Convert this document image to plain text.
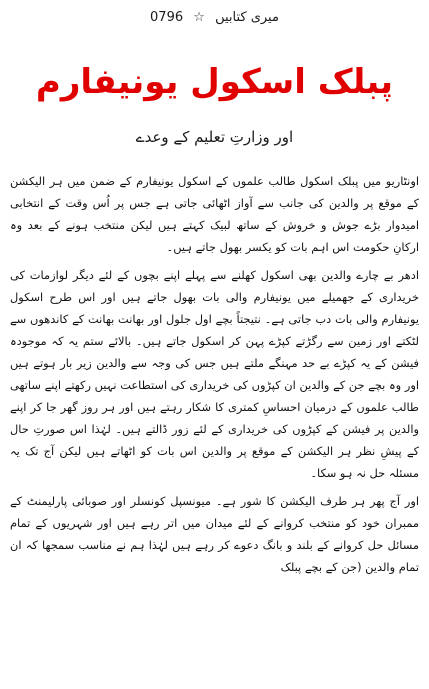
میری کتابیں ☆ 0796
پبلک اسکول یونیفارم
اور وزارتِ تعلیم کے وعدے

اونٹاریو میں پبلک اسکول طالب علموں کے اسکول یونیفارم کے ضمن میں ہر الیکشن کے موقع پر والدین کی جانب سے آواز اٹھائی جاتی ہے جس پر اُس وقت کے انتخابی امیدوار بڑے جوش و خروش کے ساتھ لبیک کہتے ہیں لیکن منتخب ہونے کے بعد وہ ارکانِ حکومت اس اہم بات کو یکسر بھول جاتے ہیں۔

ادھر بے چارے والدین بھی اسکول کھلنے سے پہلے اپنے بچوں کے لئے دیگر لوازمات کی خریداری کے جھمیلے میں یونیفارم والی بات بھول جاتے ہیں اور اس طرح اسکول یونیفارم والی بات دب جاتی ہے۔ نتیجتاً بچے اول جلول اور بھانت بھانت کے کاندھوں سے لٹکتے اور زمین سے رگڑتے کپڑے پہن کر اسکول جاتے ہیں۔ بالائے ستم یہ کہ موجودہ فیشن کے یہ کپڑے بے حد مہنگے ملتے ہیں جس کی وجہ سے والدین زیر بار ہوتے ہیں اور وہ بچے جن کے والدین ان کپڑوں کی خریداری کی استطاعت نہیں رکھتے اپنے ساتھی طالب علموں کے درمیان احساسِ کمتری کا شکار رہتے ہیں اور ہر روز گھر جا کر اپنے والدین پر فیشن کے کپڑوں کی خریداری کے لئے زور ڈالتے ہیں۔ لہٰذا اس صورتِ حال کے پیشِ نظر ہر الیکشن کے موقع پر والدین اس بات کو اٹھاتے ہیں لیکن آج تک یہ مسئلہ حل نہ ہو سکا۔

اور آج پھر ہر طرف الیکشن کا شور ہے۔ میونسپل کونسلر اور صوبائی پارلیمنٹ کے ممبران خود کو منتخب کروانے کے لئے میدان میں اتر رہے ہیں اور شہریوں کے تمام مسائل حل کروانے کے بلند و بانگ دعوے کر رہے ہیں لہٰذا ہم نے مناسب سمجھا کہ ان تمام والدین (جن کے بچے پبلک
